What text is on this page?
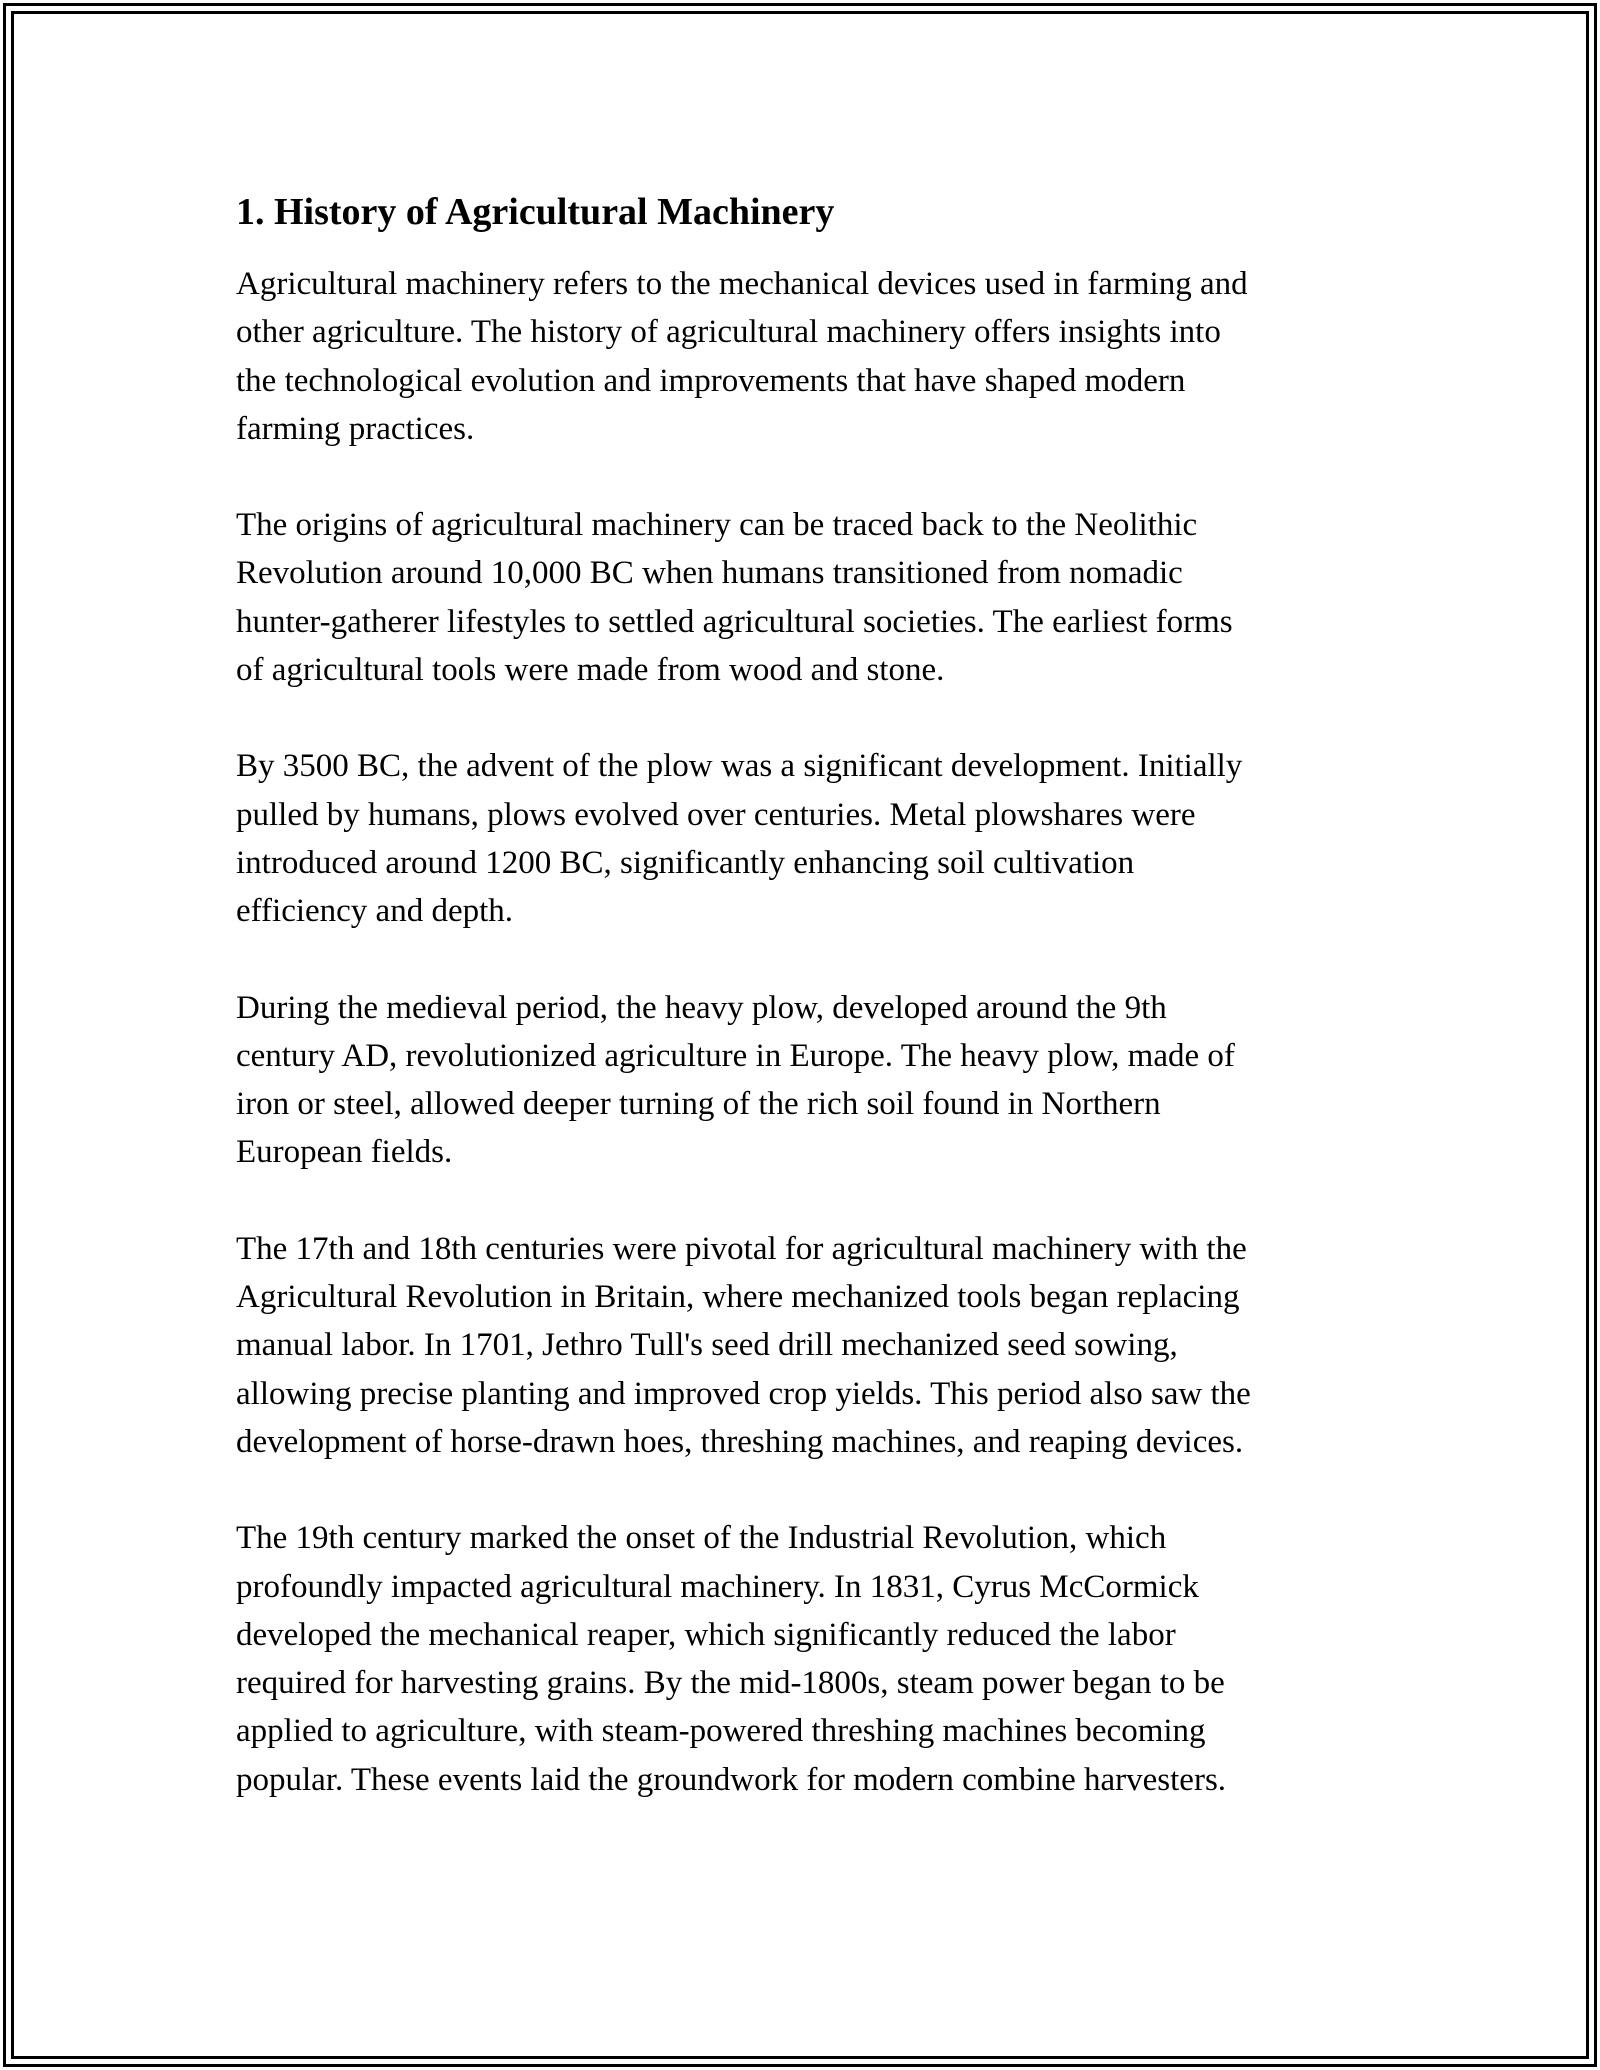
1. History of Agricultural Machinery

Agricultural machinery refers to the mechanical devices used in farming and
other agriculture. The history of agricultural machinery offers insights into
the technological evolution and improvements that have shaped modern
farming practices.

The origins of agricultural machinery can be traced back to the Neolithic
Revolution around 10,000 BC when humans transitioned from nomadic
hunter-gatherer lifestyles to settled agricultural societies. The earliest forms
of agricultural tools were made from wood and stone.

By 3500 BC, the advent of the plow was a significant development. Initially
pulled by humans, plows evolved over centuries. Metal plowshares were
introduced around 1200 BC, significantly enhancing soil cultivation
efficiency and depth.

During the medieval period, the heavy plow, developed around the 9th
century AD, revolutionized agriculture in Europe. The heavy plow, made of
iron or steel, allowed deeper turning of the rich soil found in Northern
European fields.

The 17th and 18th centuries were pivotal for agricultural machinery with the
Agricultural Revolution in Britain, where mechanized tools began replacing
manual labor. In 1701, Jethro Tull's seed drill mechanized seed sowing,
allowing precise planting and improved crop yields. This period also saw the
development of horse-drawn hoes, threshing machines, and reaping devices.

The 19th century marked the onset of the Industrial Revolution, which
profoundly impacted agricultural machinery. In 1831, Cyrus McCormick
developed the mechanical reaper, which significantly reduced the labor
required for harvesting grains. By the mid-1800s, steam power began to be
applied to agriculture, with steam-powered threshing machines becoming
popular. These events laid the groundwork for modern combine harvesters.
